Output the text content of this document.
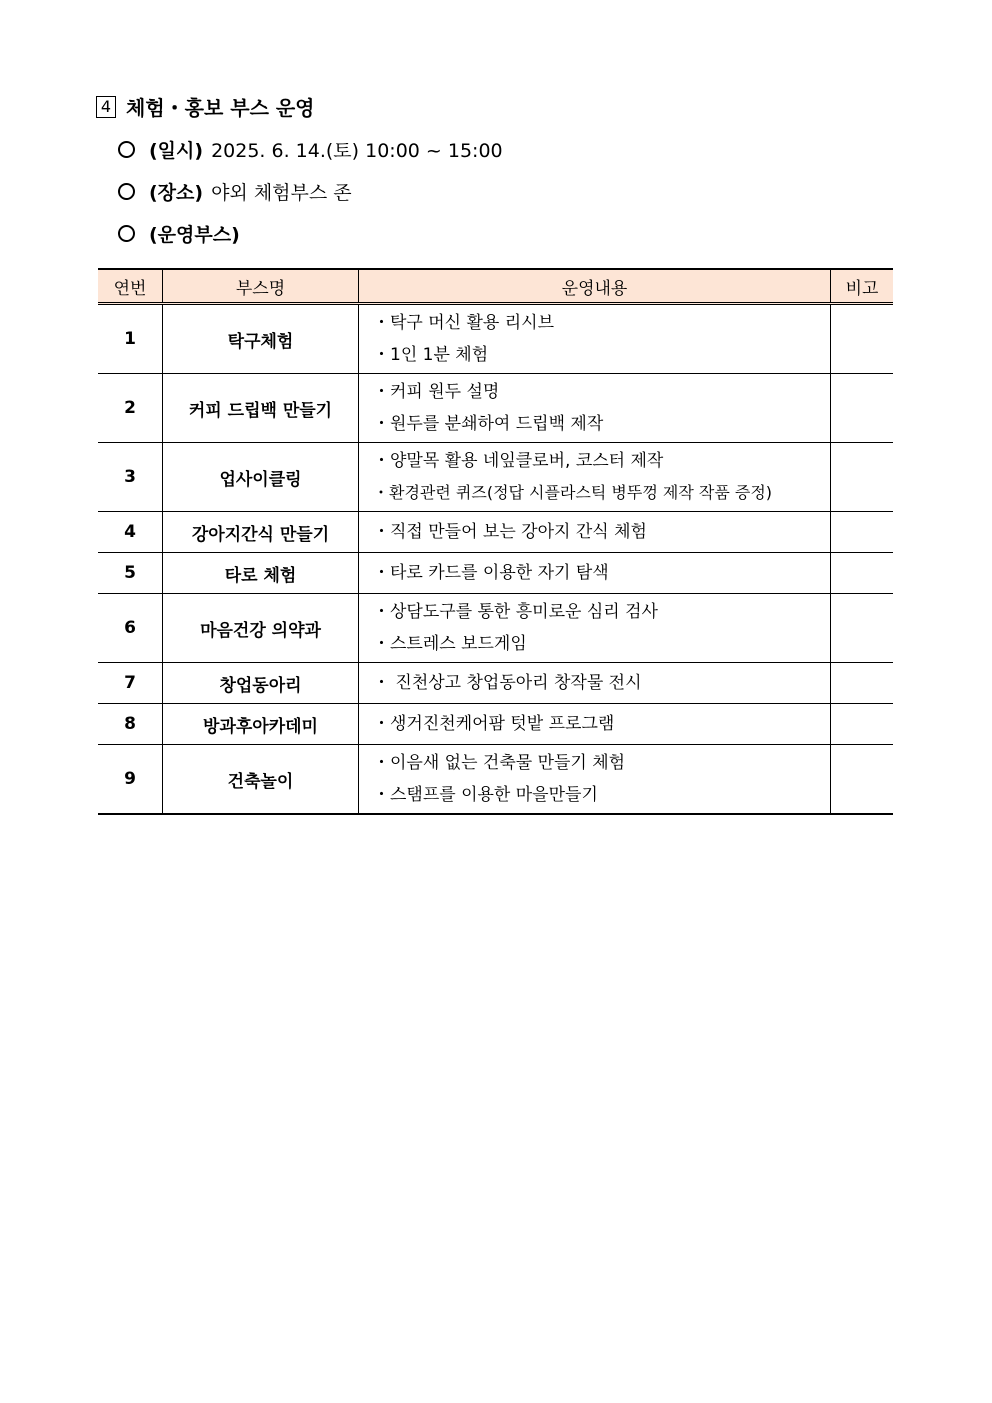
4 체험・홍보 부스 운영
(일시) 2025. 6. 14.(토) 10:00 ~ 15:00
(장소) 야외 체험부스 존
(운영부스)
연번	부스명	운영내용	비고
1	탁구체험	・탁구 머신 활용 리시브
・1인 1분 체험	

2	커피 드립백 만들기	・커피 원두 설명
・원두를 분쇄하여 드립백 제작	

3	업사이클링	・양말목 활용 네잎클로버, 코스터 제작
・환경관련 퀴즈(정답 시플라스틱 병뚜껑 제작 작품 증정)	

4	강아지간식 만들기	・직접 만들어 보는 강아지 간식 체험	

5	타로 체험	・타로 카드를 이용한 자기 탐색	

6	마음건강 의약과	・상담도구를 통한 흥미로운 심리 검사
・스트레스 보드게임	

7	창업동아리	・ 진천상고 창업동아리 창작물 전시	

8	방과후아카데미	・생거진천케어팜 텃밭 프로그램	

9	건축놀이	・이음새 없는 건축물 만들기 체험
・스탬프를 이용한 마을만들기	
